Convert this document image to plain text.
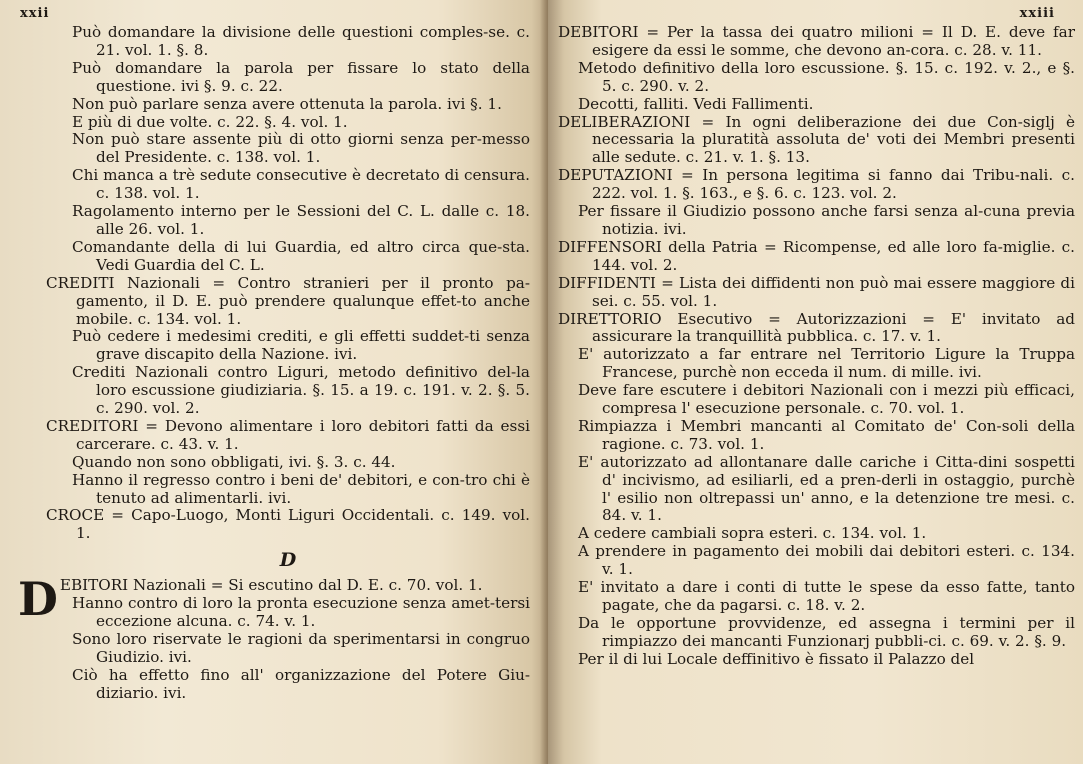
xxii

Può domandare la divisione delle questioni comples-se. c. 21. vol. 1. §. 8.

Può domandare la parola per fissare lo stato della questione. ivi §. 9. c. 22.

Non può parlare senza avere ottenuta la parola. ivi §. 1.

E più di due volte. c. 22. §. 4. vol. 1.

Non può stare assente più di otto giorni senza per-messo del Presidente. c. 138. vol. 1.

Chi manca a trè sedute consecutive è decretato di censura. c. 138. vol. 1.

Ragolamento interno per le Sessioni del C. L. dalle c. 18. alle 26. vol. 1.

Comandante della di lui Guardia, ed altro circa que-sta. Vedi Guardia del C. L.

CREDITI Nazionali = Contro stranieri per il pronto pa-gamento, il D. E. può prendere qualunque effet-to anche mobile. c. 134. vol. 1.

Può cedere i medesimi crediti, e gli effetti suddet-ti senza grave discapito della Nazione. ivi.

Crediti Nazionali contro Liguri, metodo definitivo del-la loro escussione giudiziaria. §. 15. a 19. c. 191. v. 2. §. 5. c. 290. vol. 2.

CREDITORI = Devono alimentare i loro debitori fatti da essi carcerare. c. 43. v. 1.

Quando non sono obbligati, ivi. §. 3. c. 44.

Hanno il regresso contro i beni de' debitori, e con-tro chi è tenuto ad alimentarli. ivi.

CROCE = Capo-Luogo, Monti Liguri Occidentali. c. 149. vol. 1.

D

DEBITORI Nazionali = Si escutino dal D. E. c. 70. vol. 1.

Hanno contro di loro la pronta esecuzione senza amet-tersi eccezione alcuna. c. 74. v. 1.

Sono loro riservate le ragioni da sperimentarsi in congruo Giudizio. ivi.

Ciò ha effetto fino all' organizzazione del Potere Giu-diziario. ivi.

xxiii

DEBITORI = Per la tassa dei quatro milioni = Il D. E. deve far esigere da essi le somme, che devono an-cora. c. 28. v. 11.

Metodo definitivo della loro escussione. §. 15. c. 192. v. 2., e §. 5. c. 290. v. 2.

Decotti, falliti. Vedi Fallimenti.

DELIBERAZIONI = In ogni deliberazione dei due Con-siglj è necessaria la pluratità assoluta de' voti dei Membri presenti alle sedute. c. 21. v. 1. §. 13.

DEPUTAZIONI = In persona legitima si fanno dai Tribu-nali. c. 222. vol. 1. §. 163., e §. 6. c. 123. vol. 2.

Per fissare il Giudizio possono anche farsi senza al-cuna previa notizia. ivi.

DIFFENSORI della Patria = Ricompense, ed alle loro fa-miglie. c. 144. vol. 2.

DIFFIDENTI = Lista dei diffidenti non può mai essere maggiore di sei. c. 55. vol. 1.

DIRETTORIO Esecutivo = Autorizzazioni = E' invitato ad assicurare la tranquillità pubblica. c. 17. v. 1.

E' autorizzato a far entrare nel Territorio Ligure la Truppa Francese, purchè non ecceda il num. di mille. ivi.

Deve fare escutere i debitori Nazionali con i mezzi più efficaci, compresa l' esecuzione personale. c. 70. vol. 1.

Rimpiazza i Membri mancanti al Comitato de' Con-soli della ragione. c. 73. vol. 1.

E' autorizzato ad allontanare dalle cariche i Citta-dini sospetti d' incivismo, ad esiliarli, ed a pren-derli in ostaggio, purchè l' esilio non oltrepassi un' anno, e la detenzione tre mesi. c. 84. v. 1.

A cedere cambiali sopra esteri. c. 134. vol. 1.

A prendere in pagamento dei mobili dai debitori esteri. c. 134. v. 1.

E' invitato a dare i conti di tutte le spese da esso fatte, tanto pagate, che da pagarsi. c. 18. v. 2.

Da le opportune provvidenze, ed assegna i termini per il rimpiazzo dei mancanti Funzionarj pubbli-ci. c. 69. v. 2. §. 9.

Per il di lui Locale deffinitivo è fissato il Palazzo del
